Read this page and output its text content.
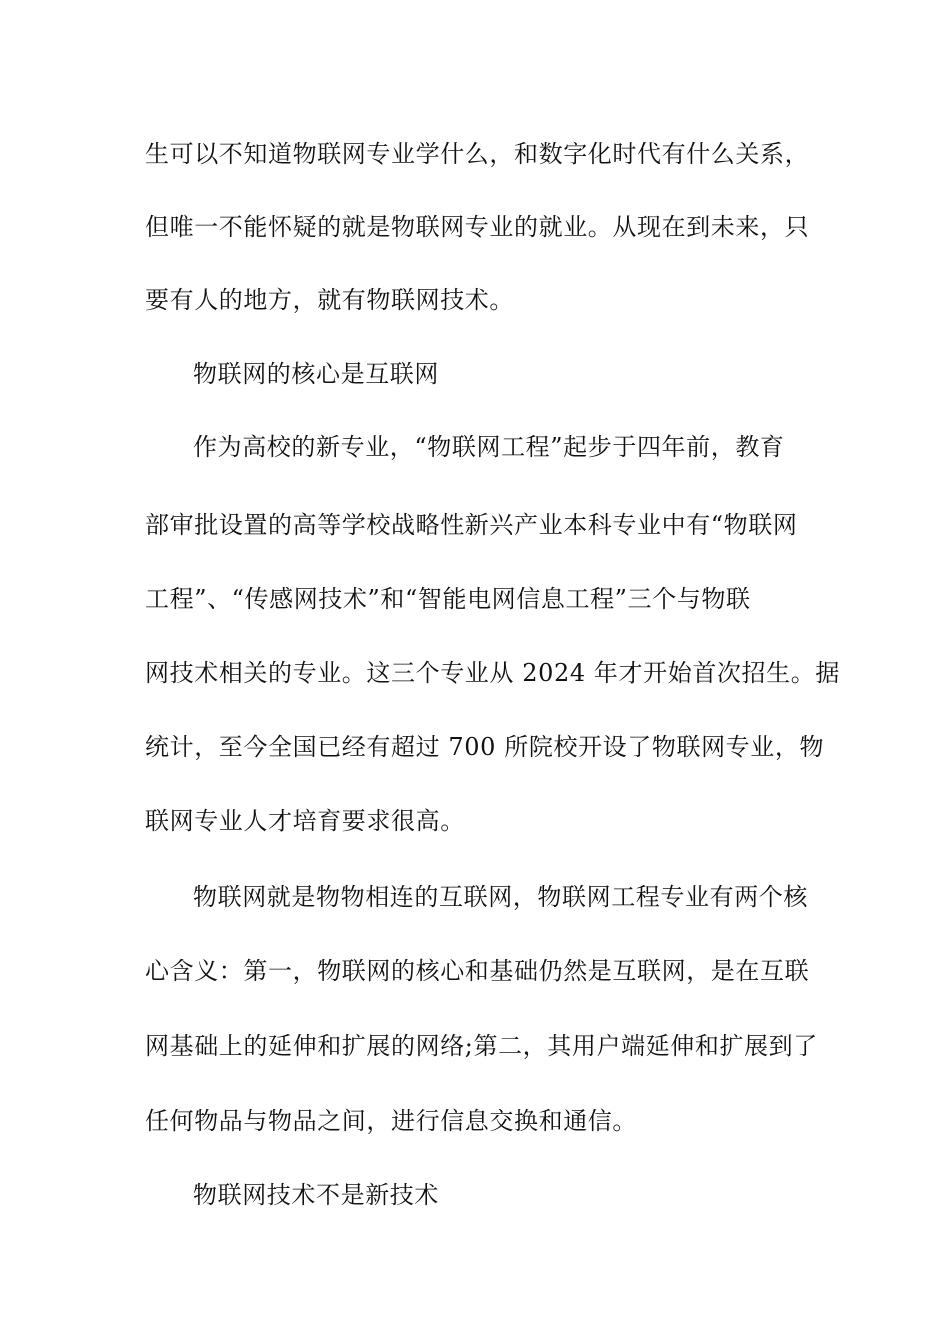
生可以不知道物联网专业学什么，和数字化时代有什么关系，
但唯一不能怀疑的就是物联网专业的就业。从现在到未来，只
要有人的地方，就有物联网技术。
物联网的核心是互联网
作为高校的新专业，“物联网工程”起步于四年前，教育
部审批设置的高等学校战略性新兴产业本科专业中有“物联网
工程”、“传感网技术”和“智能电网信息工程”三个与物联
网技术相关的专业。这三个专业从 2024 年才开始首次招生。据
统计，至今全国已经有超过 700 所院校开设了物联网专业，物
联网专业人才培育要求很高。
物联网就是物物相连的互联网，物联网工程专业有两个核
心含义：第一，物联网的核心和基础仍然是互联网，是在互联
网基础上的延伸和扩展的网络;第二，其用户端延伸和扩展到了
任何物品与物品之间，进行信息交换和通信。
物联网技术不是新技术
